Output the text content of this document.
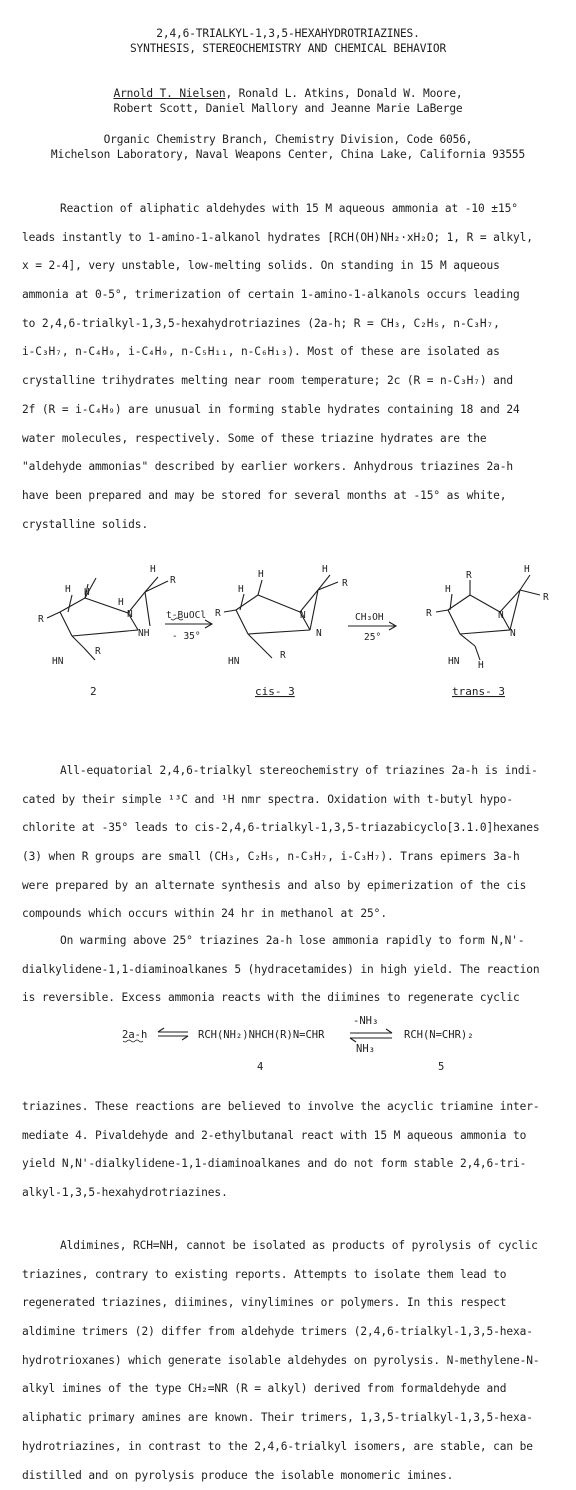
2,4,6-TRIALKYL-1,3,5-HEXAHYDROTRIAZINES.
SYNTHESIS, STEREOCHEMISTRY AND CHEMICAL BEHAVIOR
Arnold T. Nielsen, Ronald L. Atkins, Donald W. Moore,
Robert Scott, Daniel Mallory and Jeanne Marie LaBerge
Organic Chemistry Branch, Chemistry Division, Code 6056,
Michelson Laboratory, Naval Weapons Center, China Lake, California 93555
Reaction of aliphatic aldehydes with 15 M aqueous ammonia at -10 ±15°
leads instantly to 1-amino-1-alkanol hydrates [RCH(OH)NH₂·xH₂O; 1, R = alkyl,
x = 2-4], very unstable, low-melting solids. On standing in 15 M aqueous
ammonia at 0-5°, trimerization of certain 1-amino-1-alkanols occurs leading
to 2,4,6-trialkyl-1,3,5-hexahydrotriazines (2a-h; R = CH₃, C₂H₅, n-C₃H₇,
i-C₃H₇, n-C₄H₉, i-C₄H₉, n-C₅H₁₁, n-C₆H₁₃). Most of these are isolated as
crystalline trihydrates melting near room temperature; 2c (R = n-C₃H₇) and
2f (R = i-C₄H₉) are unusual in forming stable hydrates containing 18 and 24
water molecules, respectively. Some of these triazine hydrates are the
"aldehyde ammonias" described by earlier workers. Anhydrous triazines 2a-h
have been prepared and may be stored for several months at -15° as white,
crystalline solids.
H
R
H H
H
N
R
NH
R
HN
H
R
H
H
R	N
N
R
HN
H
R
H
R
R	N
N
H
HN
t-BuOCl
- 35°
CH₃OH
25°
2	cis- 3	trans- 3
All-equatorial 2,4,6-trialkyl stereochemistry of triazines 2a-h is indi-
cated by their simple ¹³C and ¹H nmr spectra. Oxidation with t-butyl hypo-
chlorite at -35° leads to cis-2,4,6-trialkyl-1,3,5-triazabicyclo[3.1.0]hexanes
(3) when R groups are small (CH₃, C₂H₅, n-C₃H₇, i-C₃H₇). Trans epimers 3a-h
were prepared by an alternate synthesis and also by epimerization of the cis
compounds which occurs within 24 hr in methanol at 25°.
On warming above 25° triazines 2a-h lose ammonia rapidly to form N,N'-
dialkylidene-1,1-diaminoalkanes 5 (hydracetamides) in high yield. The reaction
is reversible. Excess ammonia reacts with the diimines to regenerate cyclic
2a-h	RCH(NH₂)NHCH(R)N=CHR
-NH₃
NH₃
RCH(N=CHR)₂
4	5
triazines. These reactions are believed to involve the acyclic triamine inter-
mediate 4. Pivaldehyde and 2-ethylbutanal react with 15 M aqueous ammonia to
yield N,N'-dialkylidene-1,1-diaminoalkanes and do not form stable 2,4,6-tri-
alkyl-1,3,5-hexahydrotriazines.
Aldimines, RCH=NH, cannot be isolated as products of pyrolysis of cyclic
triazines, contrary to existing reports. Attempts to isolate them lead to
regenerated triazines, diimines, vinylimines or polymers. In this respect
aldimine trimers (2) differ from aldehyde trimers (2,4,6-trialkyl-1,3,5-hexa-
hydrotrioxanes) which generate isolable aldehydes on pyrolysis. N-methylene-N-
alkyl imines of the type CH₂=NR (R = alkyl) derived from formaldehyde and
aliphatic primary amines are known. Their trimers, 1,3,5-trialkyl-1,3,5-hexa-
hydrotriazines, in contrast to the 2,4,6-trialkyl isomers, are stable, can be
distilled and on pyrolysis produce the isolable monomeric imines.
